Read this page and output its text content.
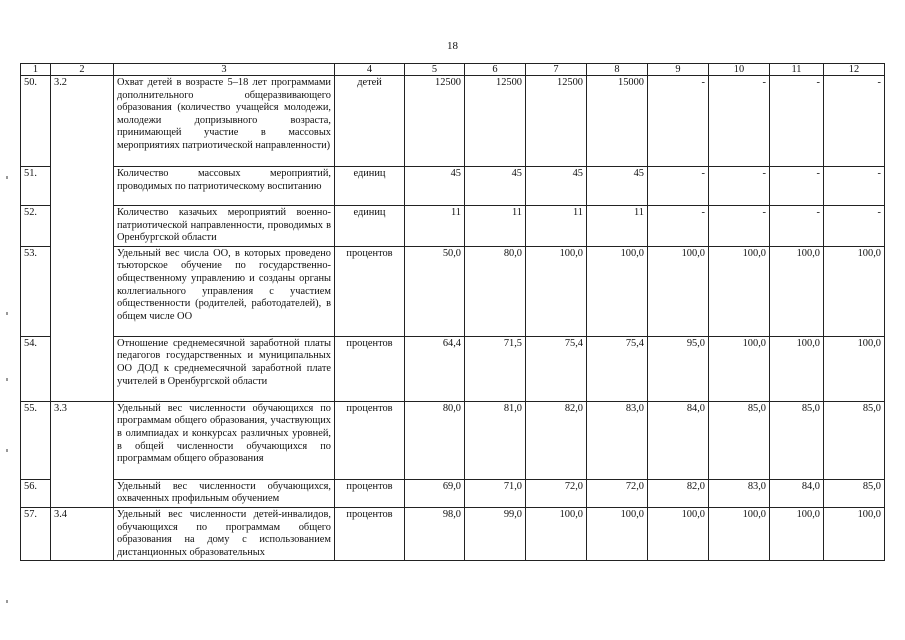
18
1	2	3	4	5	6	7	8	9	10	11	12
50.	3.2	Охват детей в возрасте 5–18 лет программами дополнительного общеразвивающего образования (количество учащейся молодежи, молодежи допризывного возраста, принимающей участие в массовых мероприятиях патриотической направленности)	детей	12500	12500	12500	15000	-	-	-	-
51.		Количество массовых мероприятий, проводимых по патриотическому воспитанию	единиц	45	45	45	45	-	-	-	-
52.		Количество казачьих мероприятий военно-патриотической направленности, проводимых в Оренбургской области	единиц	11	11	11	11	-	-	-	-
53.		Удельный вес числа ОО, в которых проведено тьюторское обучение по государственно-общественному управлению и созданы органы коллегиального управления с участием общественности (родителей, работодателей), в общем числе ОО	процентов	50,0	80,0	100,0	100,0	100,0	100,0	100,0	100,0
54.		Отношение среднемесячной заработной платы педагогов государственных и муниципальных ОО ДОД к среднемесячной заработной плате учителей в Оренбургской области	процентов	64,4	71,5	75,4	75,4	95,0	100,0	100,0	100,0
55.	3.3	Удельный вес численности обучающихся по программам общего образования, участвующих в олимпиадах и конкурсах различных уровней, в общей численности обучающихся по программам общего образования	процентов	80,0	81,0	82,0	83,0	84,0	85,0	85,0	85,0
56.		Удельный вес численности обучающихся, охваченных профильным обучением	процентов	69,0	71,0	72,0	72,0	82,0	83,0	84,0	85,0
57.	3.4	Удельный вес численности детей-инвалидов, обучающихся по программам общего образования на дому с использованием дистанционных образовательных	процентов	98,0	99,0	100,0	100,0	100,0	100,0	100,0	100,0
